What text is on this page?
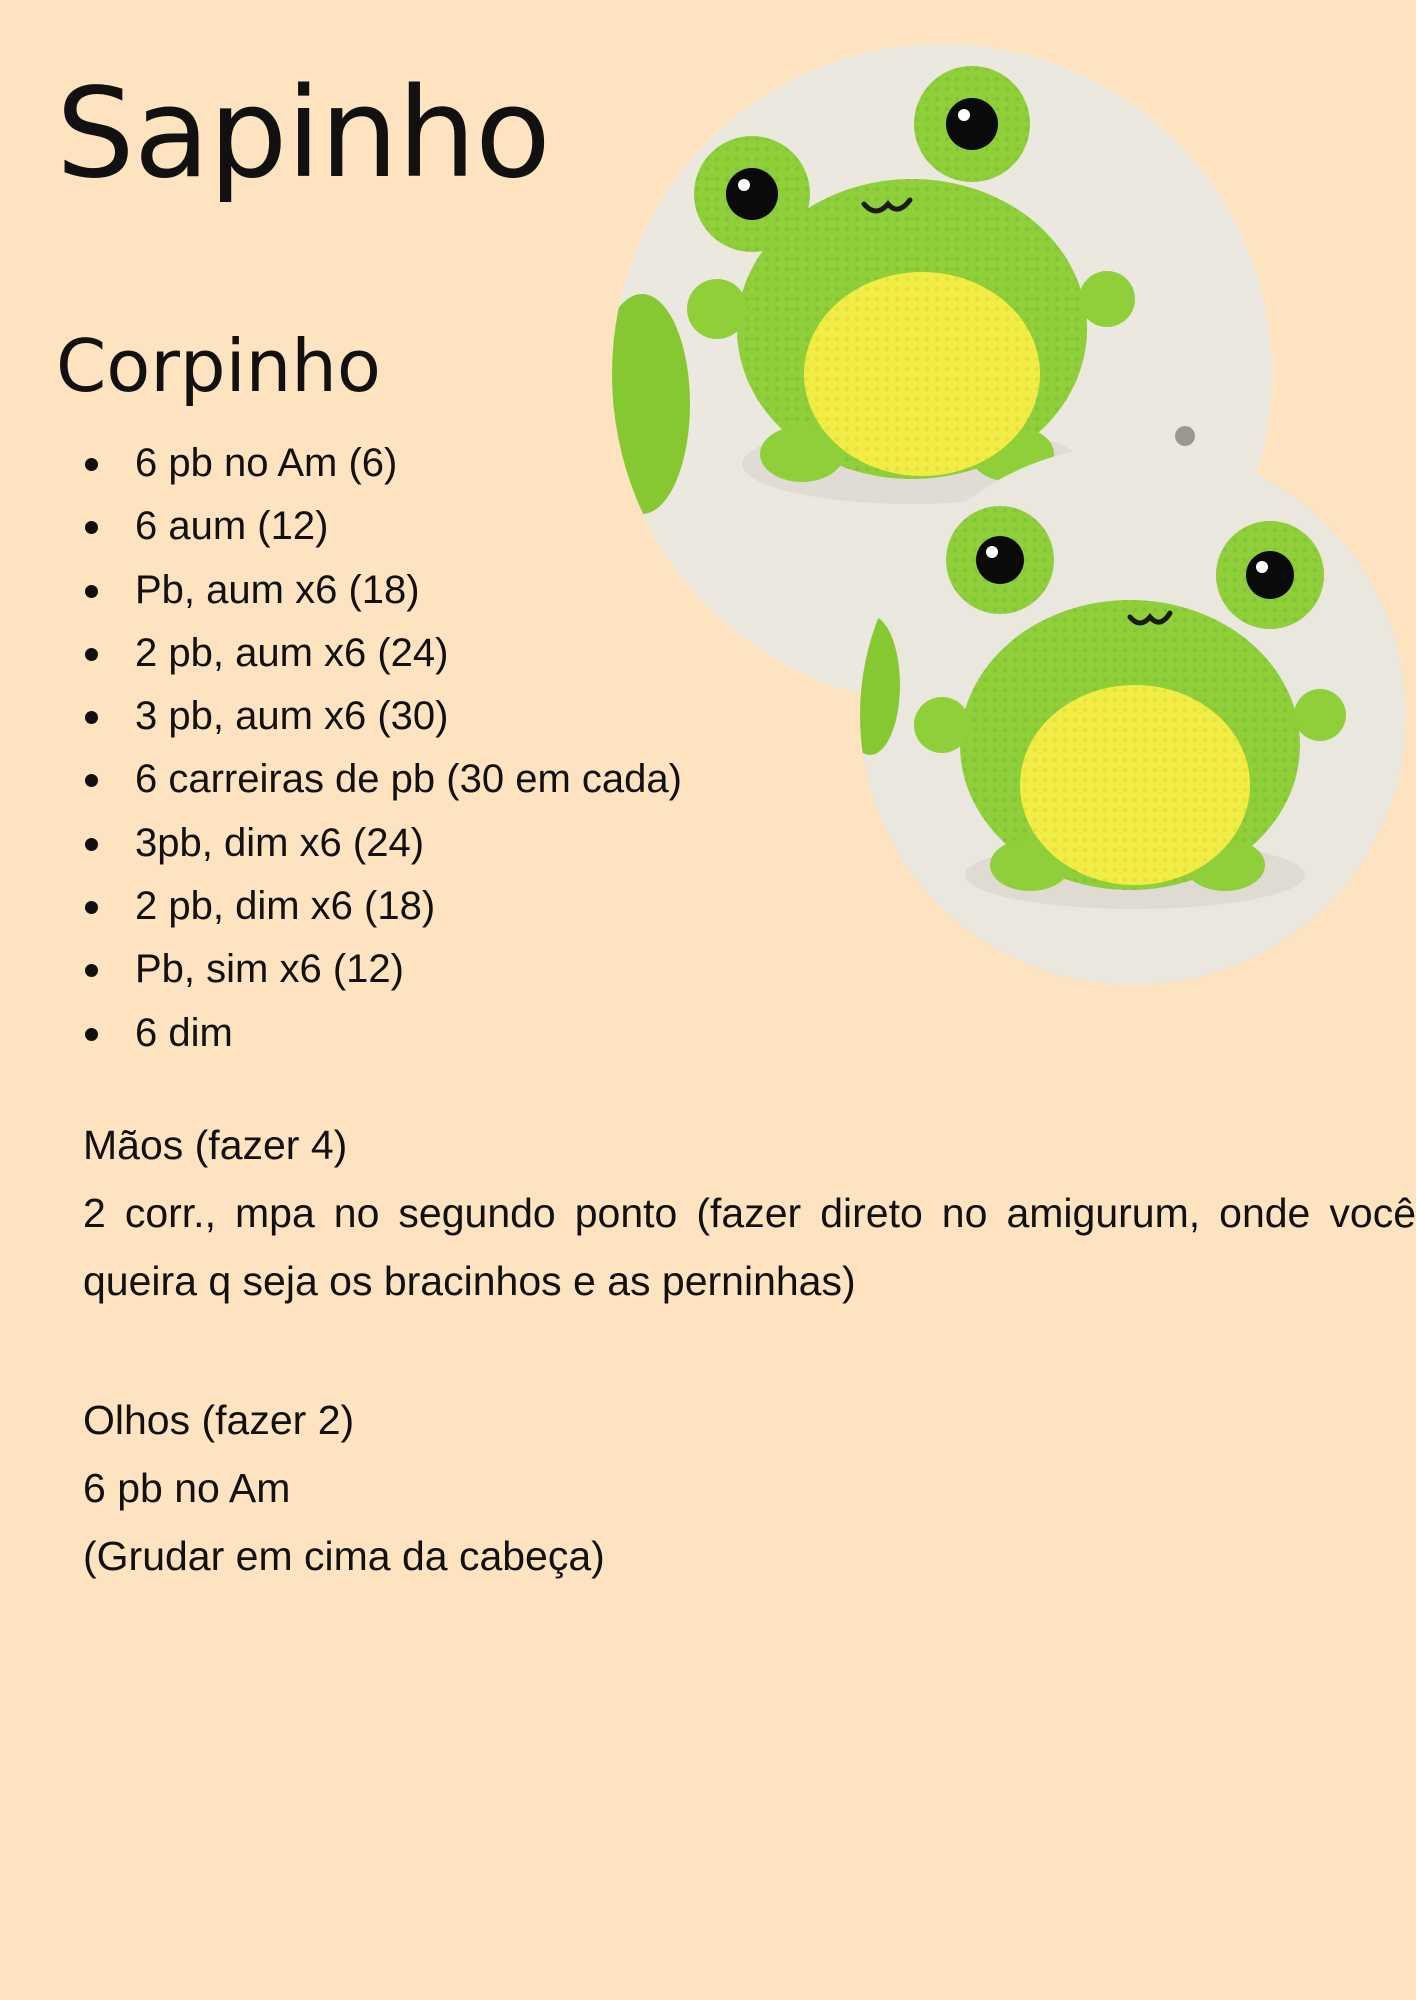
Sapinho
Corpinho
6 pb no Am (6)
6 aum (12)
Pb, aum x6 (18)
2 pb, aum x6 (24)
3 pb, aum x6 (30)
6 carreiras de pb (30 em cada)
3pb, dim x6 (24)
2 pb, dim x6 (18)
Pb, sim x6 (12)
6 dim

Mãos (fazer 4)

2 corr., mpa no segundo ponto (fazer direto no amigurum, onde você queira q seja os bracinhos e as perninhas)

Olhos (fazer 2)

6 pb no Am

(Grudar em cima da cabeça)
